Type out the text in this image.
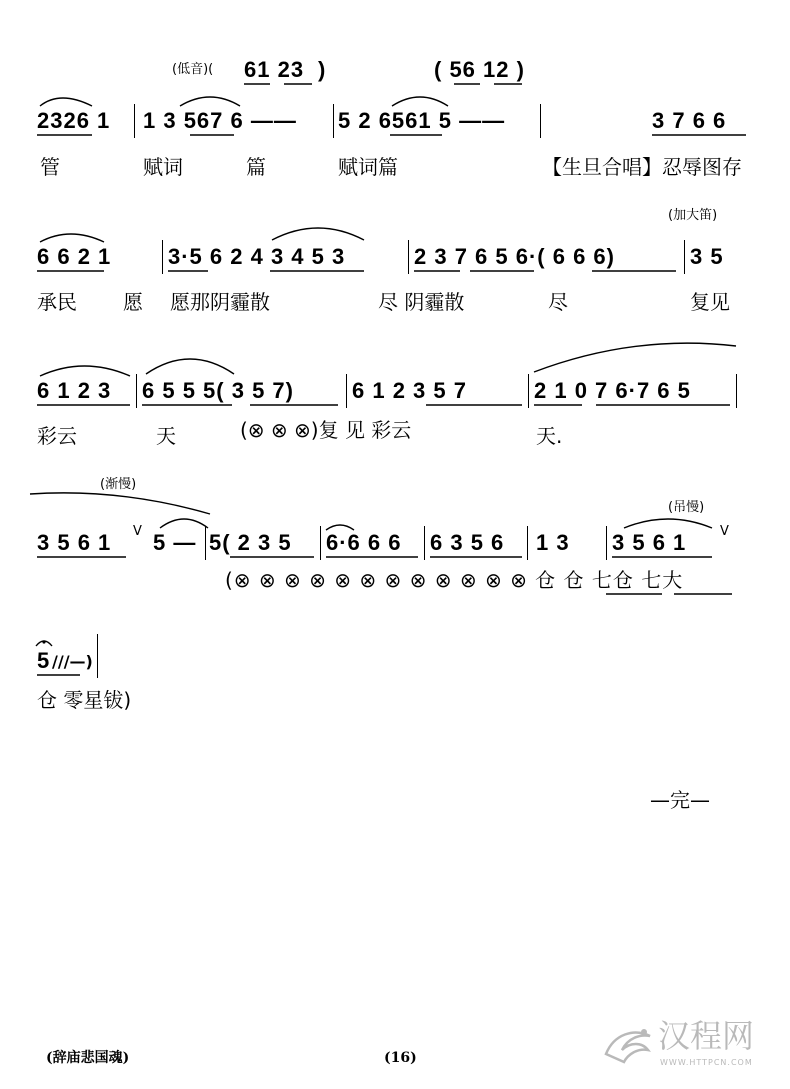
(低音)( 61 23 )	( 56 12 )
2326 1 1 3 567 6 —— 5 2 6561 5 ——	3 7 6 6
管	赋词	篇	赋词篇	【生旦合唱】忍辱图存
(加大笛)
6 6 2 1	3·5 6 2 4 3 4 5 3	2 3 7 6 5 6·( 6 6 6)	3 5
承民 愿 愿那阴霾散	尽 阴霾散	尽	复见
6 1 2 3 6 5 5 5( 3 5 7)	6 1 2 3 5 7	2 1 0 7 6·7 6 5
彩云	天	(⊗ ⊗ ⊗)复 见 彩云	天.
(渐慢)
(吊慢)
3 5 6 1 V 5 — 5( 2 3 5 6·6 6 6 6 3 5 6 1 3 3 5 6 1	V
(⊗ ⊗ ⊗ ⊗ ⊗ ⊗ ⊗ ⊗ ⊗ ⊗ ⊗ ⊗ 仓 仓 七仓 七大
5 ///—)
仓 零星钹)
—完—
(辞庙悲国魂)	(16)
汉程网
WWW.HTTPCN.COM
